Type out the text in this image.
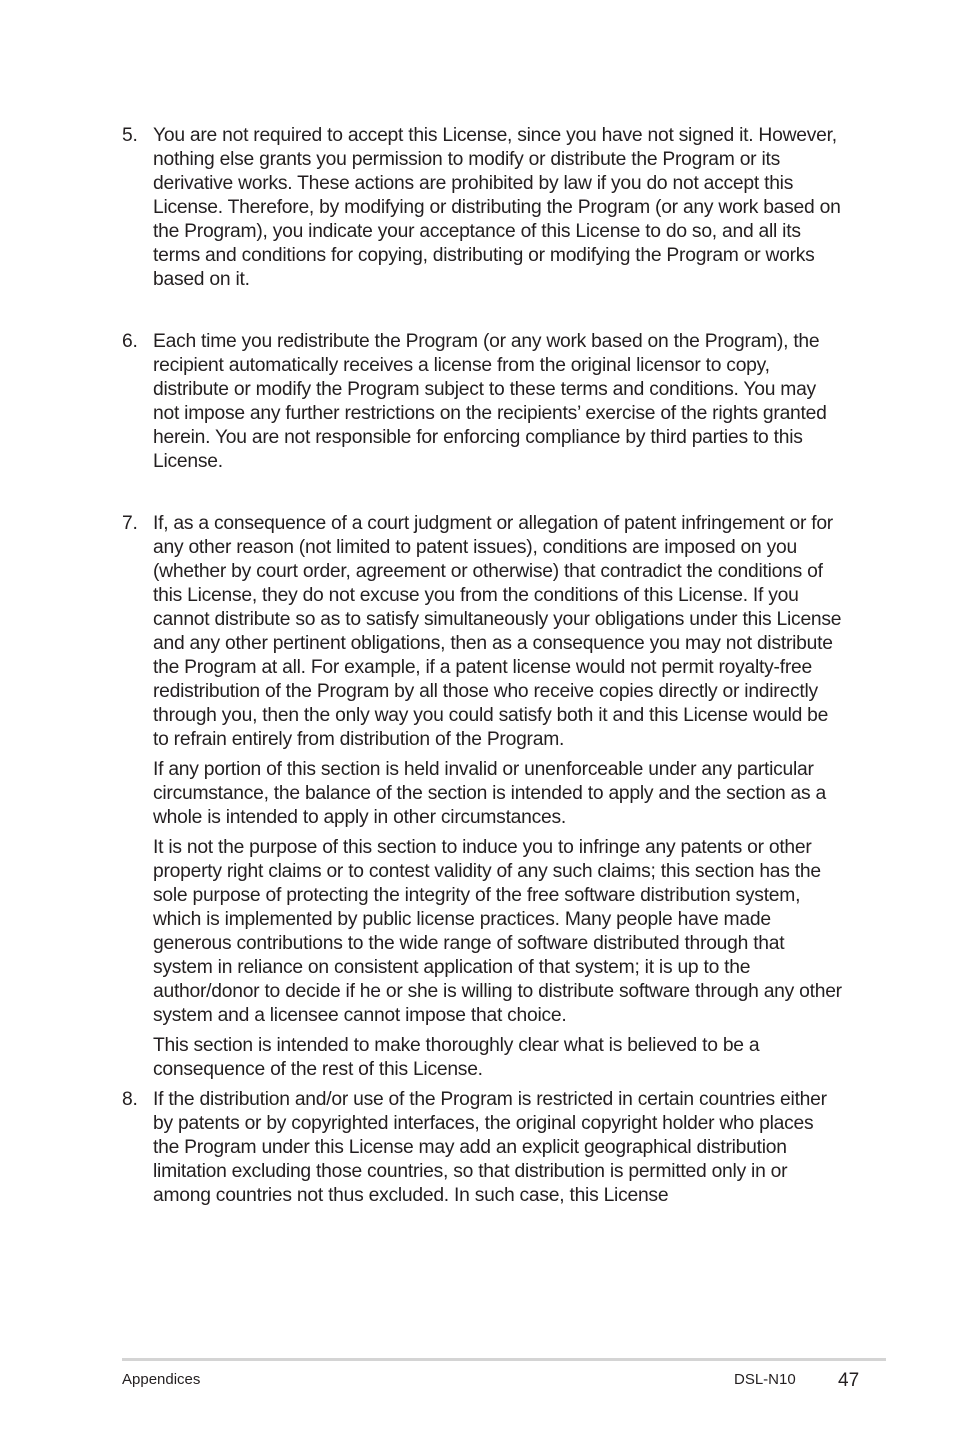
5. You are not required to accept this License, since you have not signed it. However, nothing else grants you permission to modify or distribute the Program or its derivative works. These actions are prohibited by law if you do not accept this License. Therefore, by modifying or distributing the Program (or any work based on the Program), you indicate your acceptance of this License to do so, and all its terms and conditions for copying, distributing or modifying the Program or works based on it.

6. Each time you redistribute the Program (or any work based on the Program), the recipient automatically receives a license from the original licensor to copy, distribute or modify the Program subject to these terms and conditions. You may not impose any further restrictions on the recipients’ exercise of the rights granted herein. You are not responsible for enforcing compliance by third parties to this License.

7. If, as a consequence of a court judgment or allegation of patent infringement or for any other reason (not limited to patent issues), conditions are imposed on you (whether by court order, agreement or otherwise) that contradict the conditions of this License, they do not excuse you from the conditions of this License. If you cannot distribute so as to satisfy simultaneously your obligations under this License and any other pertinent obligations, then as a consequence you may not distribute the Program at all. For example, if a patent license would not permit royalty-free redistribution of the Program by all those who receive copies directly or indirectly through you, then the only way you could satisfy both it and this License would be to refrain entirely from distribution of the Program.

If any portion of this section is held invalid or unenforceable under any particular circumstance, the balance of the section is intended to apply and the section as a whole is intended to apply in other circumstances.

It is not the purpose of this section to induce you to infringe any patents or other property right claims or to contest validity of any such claims; this section has the sole purpose of protecting the integrity of the free software distribution system, which is implemented by public license practices. Many people have made generous contributions to the wide range of software distributed through that system in reliance on consistent application of that system; it is up to the author/donor to decide if he or she is willing to distribute software through any other system and a licensee cannot impose that choice.

This section is intended to make thoroughly clear what is believed to be a consequence of the rest of this License.

8. If the distribution and/or use of the Program is restricted in certain countries either by patents or by copyrighted interfaces, the original copyright holder who places the Program under this License may add an explicit geographical distribution limitation excluding those countries, so that distribution is permitted only in or among countries not thus excluded. In such case, this License

Appendices	DSL-N10 47
